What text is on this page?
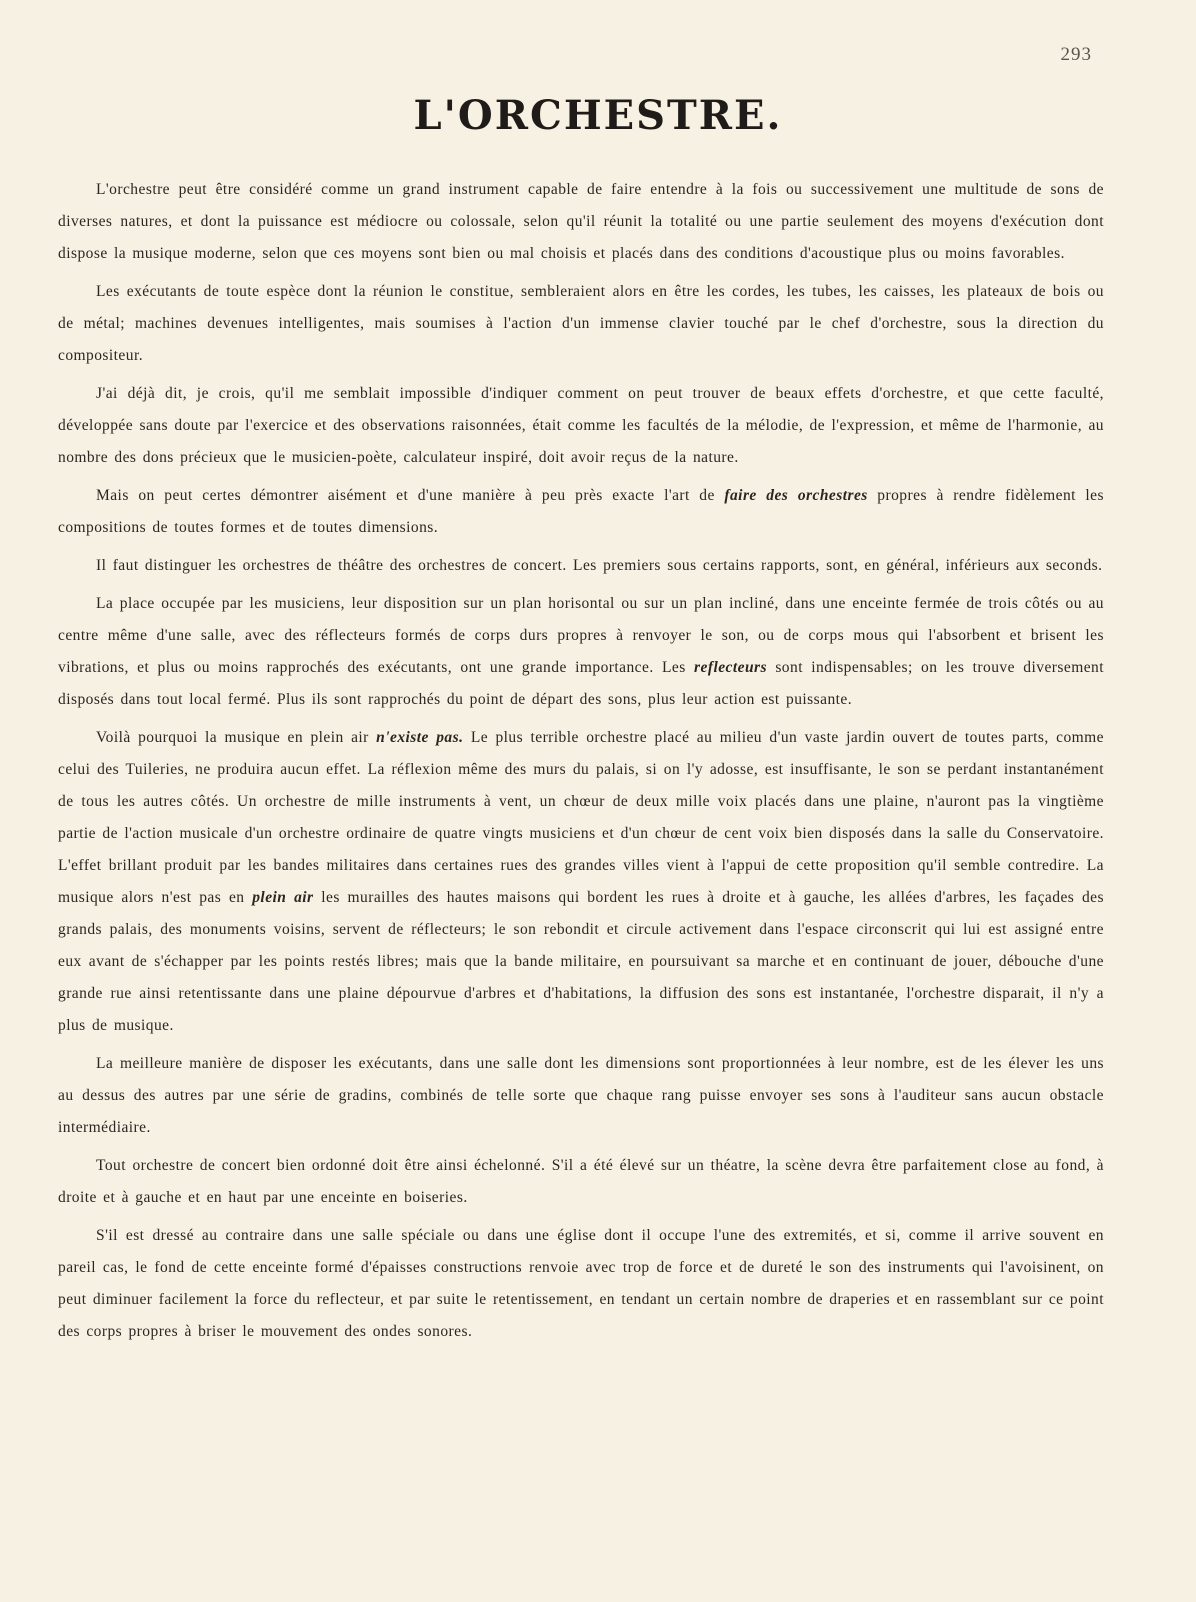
293
L'ORCHESTRE.

L'orchestre peut être considéré comme un grand instrument capable de faire entendre à la fois ou successivement une multitude de sons de diverses natures, et dont la puissance est médiocre ou colossale, selon qu'il réunit la totalité ou une partie seulement des moyens d'exécution dont dispose la musique moderne, selon que ces moyens sont bien ou mal choisis et placés dans des conditions d'acoustique plus ou moins favorables.

Les exécutants de toute espèce dont la réunion le constitue, sembleraient alors en être les cordes, les tubes, les caisses, les plateaux de bois ou de métal; machines devenues intelligentes, mais soumises à l'action d'un immense clavier touché par le chef d'orchestre, sous la direction du compositeur.

J'ai déjà dit, je crois, qu'il me semblait impossible d'indiquer comment on peut trouver de beaux effets d'orchestre, et que cette faculté, développée sans doute par l'exercice et des observations raisonnées, était comme les facultés de la mélodie, de l'expression, et même de l'harmonie, au nombre des dons précieux que le musicien-poète, calculateur inspiré, doit avoir reçus de la nature.

Mais on peut certes démontrer aisément et d'une manière à peu près exacte l'art de faire des orchestres propres à rendre fidèlement les compositions de toutes formes et de toutes dimensions.

Il faut distinguer les orchestres de théâtre des orchestres de concert. Les premiers sous certains rapports, sont, en général, inférieurs aux seconds.

La place occupée par les musiciens, leur disposition sur un plan horisontal ou sur un plan incliné, dans une enceinte fermée de trois côtés ou au centre même d'une salle, avec des réflecteurs formés de corps durs propres à renvoyer le son, ou de corps mous qui l'absorbent et brisent les vibrations, et plus ou moins rapprochés des exécutants, ont une grande importance. Les reflecteurs sont indispensables; on les trouve diversement disposés dans tout local fermé. Plus ils sont rapprochés du point de départ des sons, plus leur action est puissante.

Voilà pourquoi la musique en plein air n'existe pas. Le plus terrible orchestre placé au milieu d'un vaste jardin ouvert de toutes parts, comme celui des Tuileries, ne produira aucun effet. La réflexion même des murs du palais, si on l'y adosse, est insuffisante, le son se perdant instantanément de tous les autres côtés. Un orchestre de mille instruments à vent, un chœur de deux mille voix placés dans une plaine, n'auront pas la vingtième partie de l'action musicale d'un orchestre ordinaire de quatre vingts musiciens et d'un chœur de cent voix bien disposés dans la salle du Conservatoire. L'effet brillant produit par les bandes militaires dans certaines rues des grandes villes vient à l'appui de cette proposition qu'il semble contredire. La musique alors n'est pas en plein air les murailles des hautes maisons qui bordent les rues à droite et à gauche, les allées d'arbres, les façades des grands palais, des monuments voisins, servent de réflecteurs; le son rebondit et circule activement dans l'espace circonscrit qui lui est assigné entre eux avant de s'échapper par les points restés libres; mais que la bande militaire, en poursuivant sa marche et en continuant de jouer, débouche d'une grande rue ainsi retentissante dans une plaine dépourvue d'arbres et d'habitations, la diffusion des sons est instantanée, l'orchestre disparait, il n'y a plus de musique.

La meilleure manière de disposer les exécutants, dans une salle dont les dimensions sont proportionnées à leur nombre, est de les élever les uns au dessus des autres par une série de gradins, combinés de telle sorte que chaque rang puisse envoyer ses sons à l'auditeur sans aucun obstacle intermédiaire.

Tout orchestre de concert bien ordonné doit être ainsi échelonné. S'il a été élevé sur un théatre, la scène devra être parfaitement close au fond, à droite et à gauche et en haut par une enceinte en boiseries.

S'il est dressé au contraire dans une salle spéciale ou dans une église dont il occupe l'une des extremités, et si, comme il arrive souvent en pareil cas, le fond de cette enceinte formé d'épaisses constructions renvoie avec trop de force et de dureté le son des instruments qui l'avoisinent, on peut diminuer facilement la force du reflecteur, et par suite le retentissement, en tendant un certain nombre de draperies et en rassemblant sur ce point des corps propres à briser le mouvement des ondes sonores.
